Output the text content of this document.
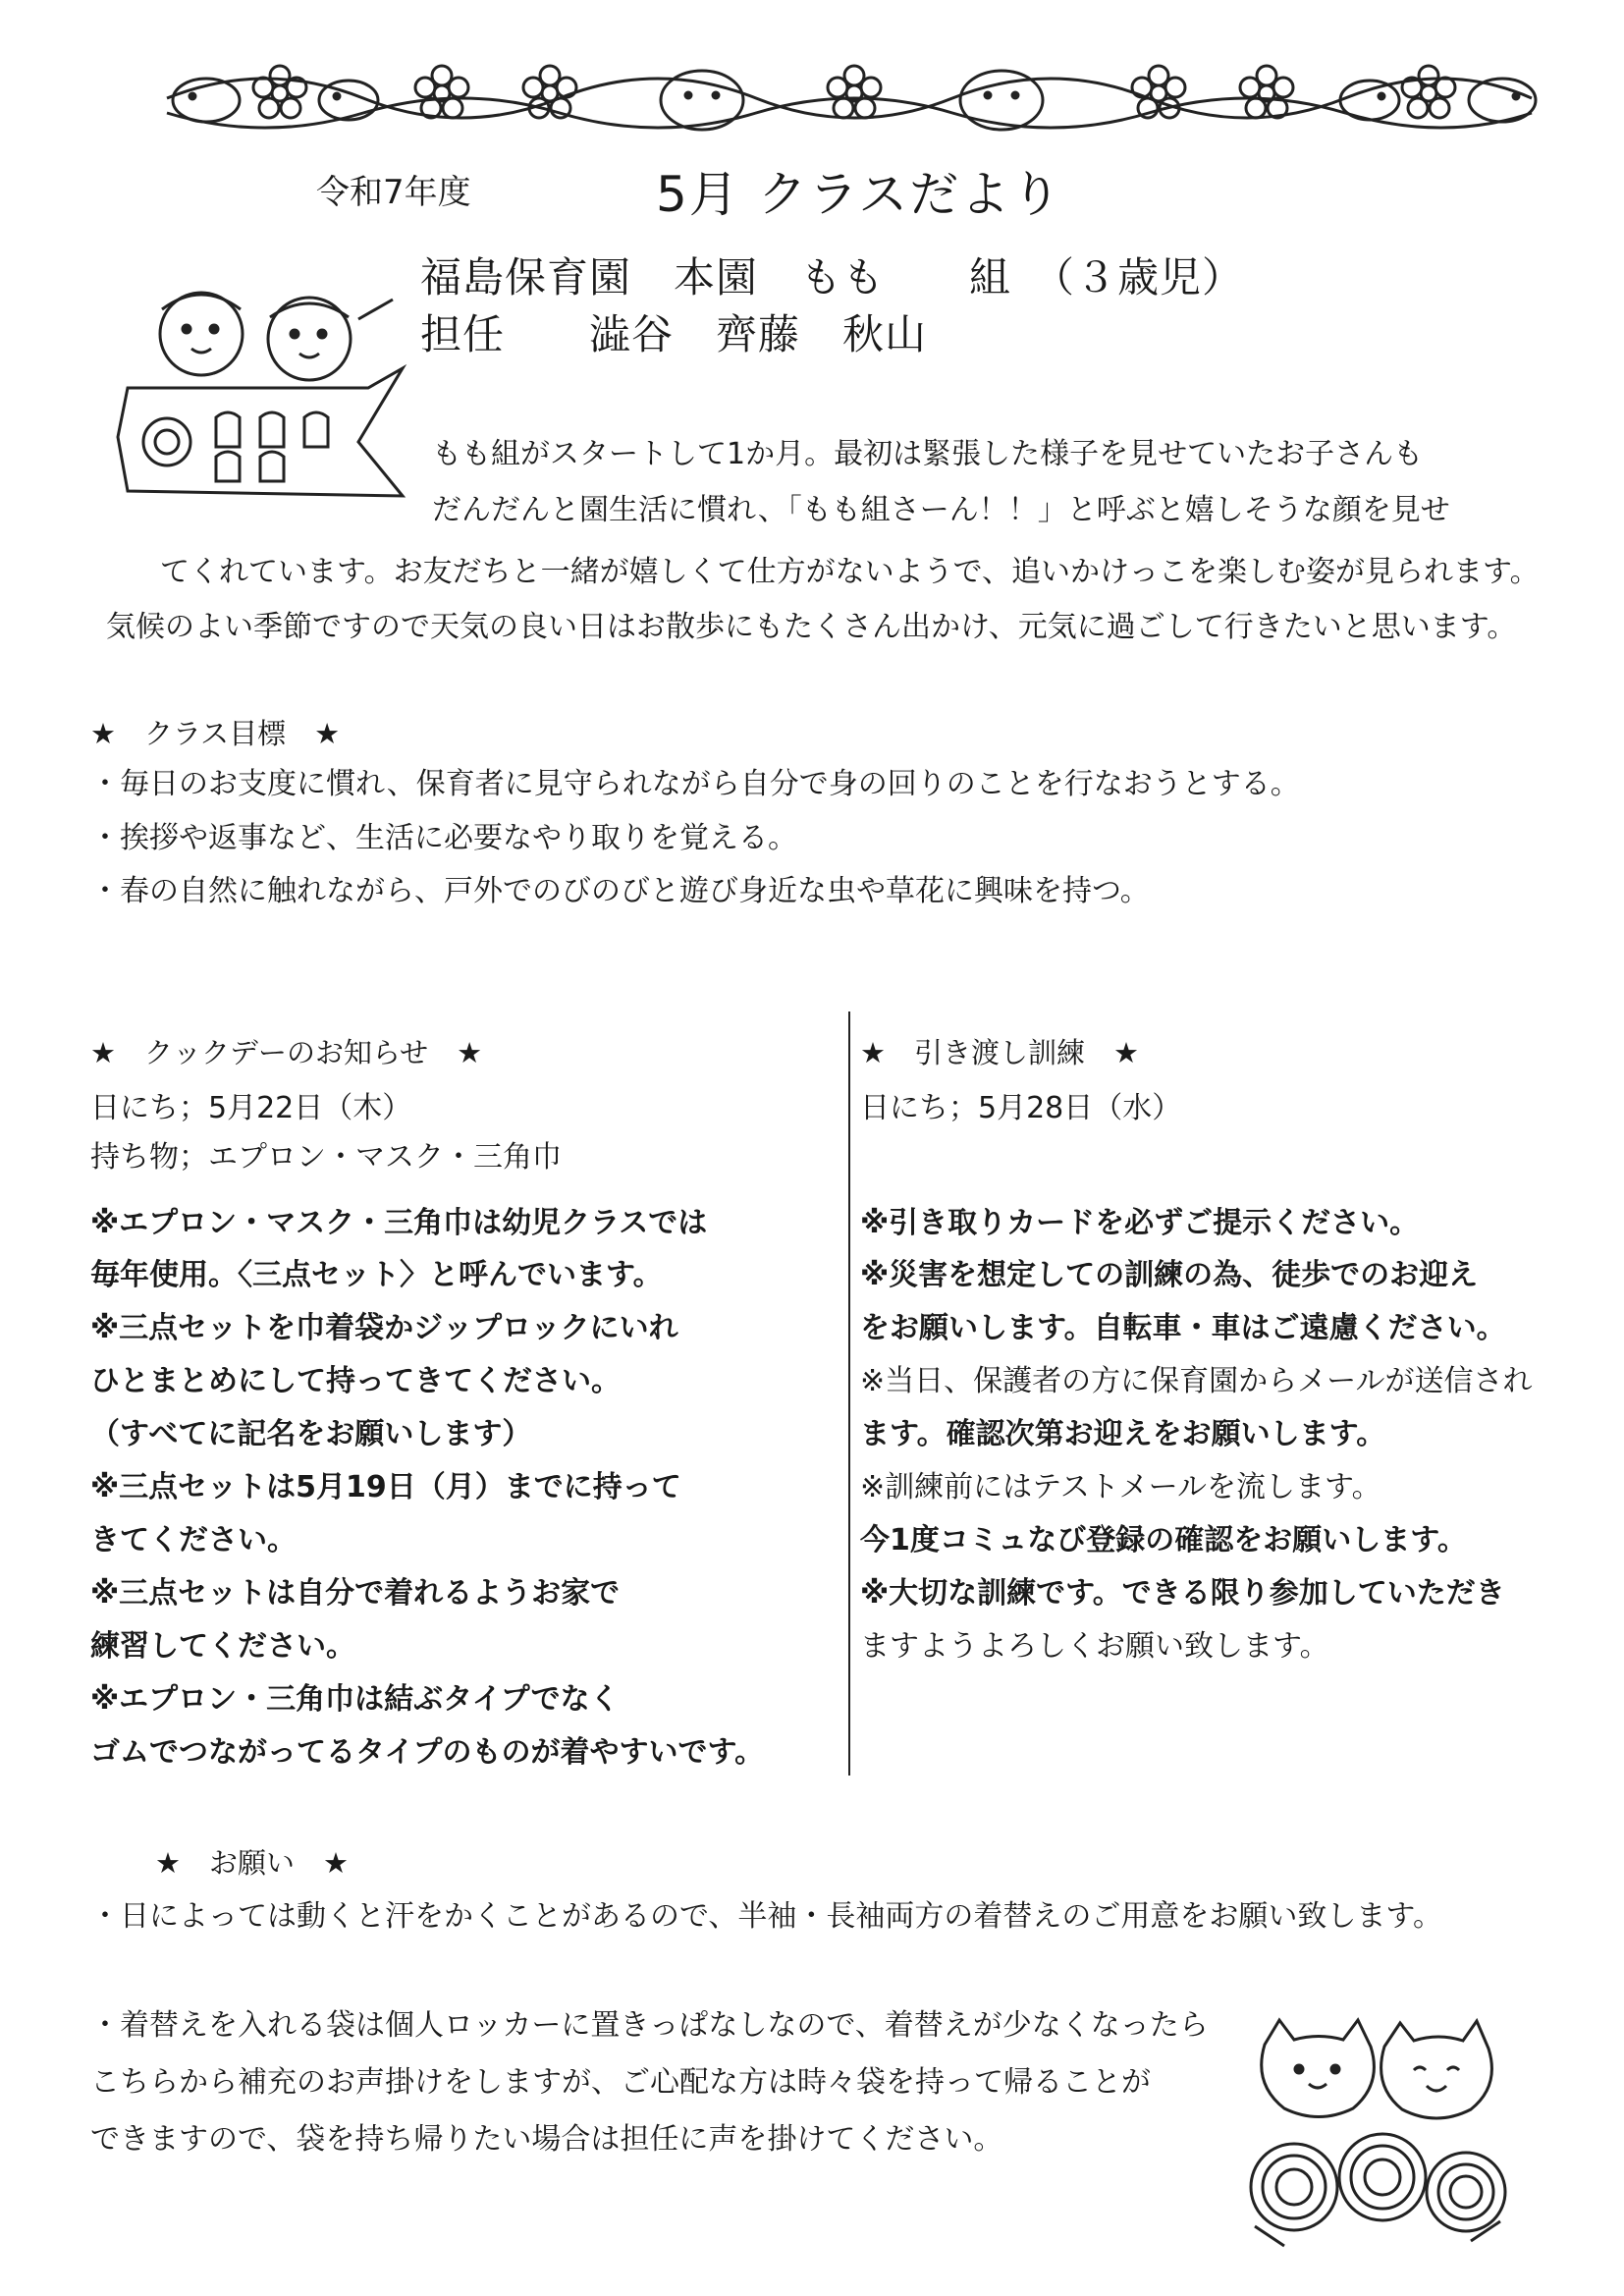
令和7年度	5月 クラスだより
福島保育園　本園　もも　　組　（３歳児）
担任　　澁谷　齊藤　秋山
もも組がスタートして1か月。最初は緊張した様子を見せていたお子さんも
だんだんと園生活に慣れ、「もも組さーん！！」と呼ぶと嬉しそうな顔を見せ
てくれています。お友だちと一緒が嬉しくて仕方がないようで、追いかけっこを楽しむ姿が見られます。
気候のよい季節ですので天気の良い日はお散歩にもたくさん出かけ、元気に過ごして行きたいと思います。
★　クラス目標　★
・毎日のお支度に慣れ、保育者に見守られながら自分で身の回りのことを行なおうとする。
・挨拶や返事など、生活に必要なやり取りを覚える。
・春の自然に触れながら、戸外でのびのびと遊び身近な虫や草花に興味を持つ。
★　クックデーのお知らせ　★
日にち；5月22日（木）
持ち物；エプロン・マスク・三角巾
※エプロン・マスク・三角巾は幼児クラスでは
毎年使用。〈三点セット〉と呼んでいます。
※三点セットを巾着袋かジップロックにいれ
ひとまとめにして持ってきてください。
（すべてに記名をお願いします）
※三点セットは5月19日（月）までに持って
きてください。
※三点セットは自分で着れるようお家で
練習してください。
※エプロン・三角巾は結ぶタイプでなく
ゴムでつながってるタイプのものが着やすいです。
★　引き渡し訓練　★
日にち；5月28日（水）
※引き取りカードを必ずご提示ください。
※災害を想定しての訓練の為、徒歩でのお迎え
をお願いします。自転車・車はご遠慮ください。
※当日、保護者の方に保育園からメールが送信され
ます。確認次第お迎えをお願いします。
※訓練前にはテストメールを流します。
今1度コミュなび登録の確認をお願いします。
※大切な訓練です。できる限り参加していただき
ますようよろしくお願い致します。
★　お願い　★
・日によっては動くと汗をかくことがあるので、半袖・長袖両方の着替えのご用意をお願い致します。
・着替えを入れる袋は個人ロッカーに置きっぱなしなので、着替えが少なくなったら
こちらから補充のお声掛けをしますが、ご心配な方は時々袋を持って帰ることが
できますので、袋を持ち帰りたい場合は担任に声を掛けてください。
